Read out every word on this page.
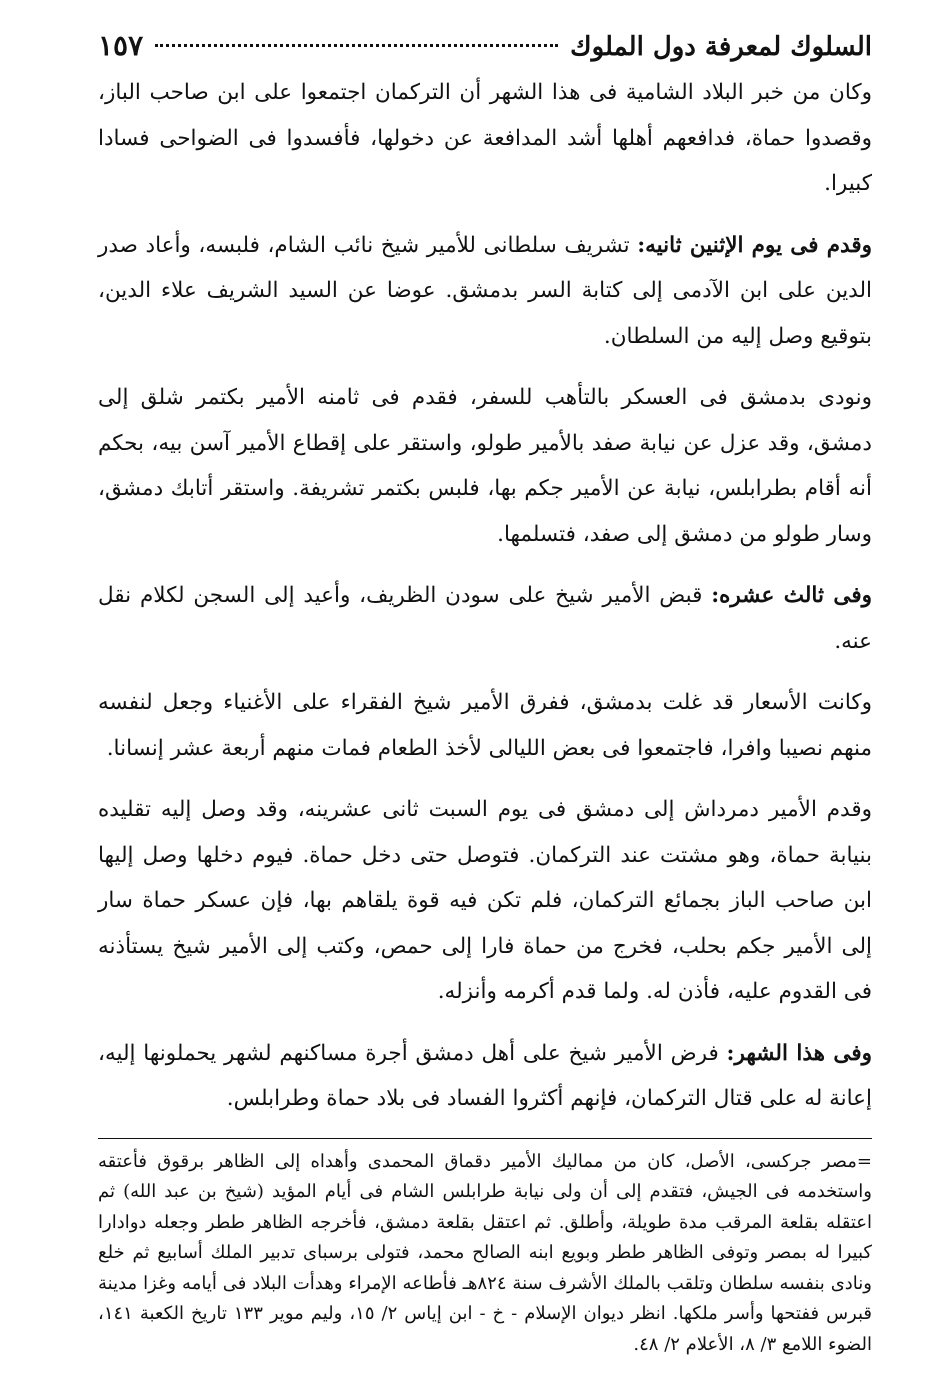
السلوك لمعرفة دول الملوك
١٥٧

وكان من خبر البلاد الشامية فى هذا الشهر أن التركمان اجتمعوا على ابن صاحب الباز، وقصدوا حماة، فدافعهم أهلها أشد المدافعة عن دخولها، فأفسدوا فى الضواحى فسادا كبيرا.

وقدم فى يوم الإثنين ثانيه: تشريف سلطانى للأمير شيخ نائب الشام، فلبسه، وأعاد صدر الدين على ابن الآدمى إلى كتابة السر بدمشق. عوضا عن السيد الشريف علاء الدين، بتوقيع وصل إليه من السلطان.

ونودى بدمشق فى العسكر بالتأهب للسفر، فقدم فى ثامنه الأمير بكتمر شلق إلى دمشق، وقد عزل عن نيابة صفد بالأمير طولو، واستقر على إقطاع الأمير آسن بيه، بحكم أنه أقام بطرابلس، نيابة عن الأمير جكم بها، فلبس بكتمر تشريفة. واستقر أتابك دمشق، وسار طولو من دمشق إلى صفد، فتسلمها.

وفى ثالث عشره: قبض الأمير شيخ على سودن الظريف، وأعيد إلى السجن لكلام نقل عنه.

وكانت الأسعار قد غلت بدمشق، ففرق الأمير شيخ الفقراء على الأغنياء وجعل لنفسه منهم نصيبا وافرا، فاجتمعوا فى بعض الليالى لأخذ الطعام فمات منهم أربعة عشر إنسانا.

وقدم الأمير دمرداش إلى دمشق فى يوم السبت ثانى عشرينه، وقد وصل إليه تقليده بنيابة حماة، وهو مشتت عند التركمان. فتوصل حتى دخل حماة. فيوم دخلها وصل إليها ابن صاحب الباز بجمائع التركمان، فلم تكن فيه قوة يلقاهم بها، فإن عسكر حماة سار إلى الأمير جكم بحلب، فخرج من حماة فارا إلى حمص، وكتب إلى الأمير شيخ يستأذنه فى القدوم عليه، فأذن له. ولما قدم أكرمه وأنزله.

وفى هذا الشهر: فرض الأمير شيخ على أهل دمشق أجرة مساكنهم لشهر يحملونها إليه، إعانة له على قتال التركمان، فإنهم أكثروا الفساد فى بلاد حماة وطرابلس.

=مصر جركسى، الأصل، كان من مماليك الأمير دقماق المحمدى وأهداه إلى الظاهر برقوق فأعتقه واستخدمه فى الجيش، فتقدم إلى أن ولى نيابة طرابلس الشام فى أيام المؤيد (شيخ بن عبد الله) ثم اعتقله بقلعة المرقب مدة طويلة، وأطلق. ثم اعتقل بقلعة دمشق، فأخرجه الظاهر ططر وجعله دوادارا كبيرا له بمصر وتوفى الظاهر ططر وبويع ابنه الصالح محمد، فتولى برسباى تدبير الملك أسابيع ثم خلع ونادى بنفسه سلطان وتلقب بالملك الأشرف سنة ٨٢٤هـ فأطاعه الإمراء وهدأت البلاد فى أيامه وغزا مدينة قبرس ففتحها وأسر ملكها. انظر ديوان الإسلام - خ - ابن إياس ٢/ ١٥، وليم موير ١٣٣ تاريخ الكعبة ١٤١، الضوء اللامع ٣/ ٨، الأعلام ٢/ ٤٨.
